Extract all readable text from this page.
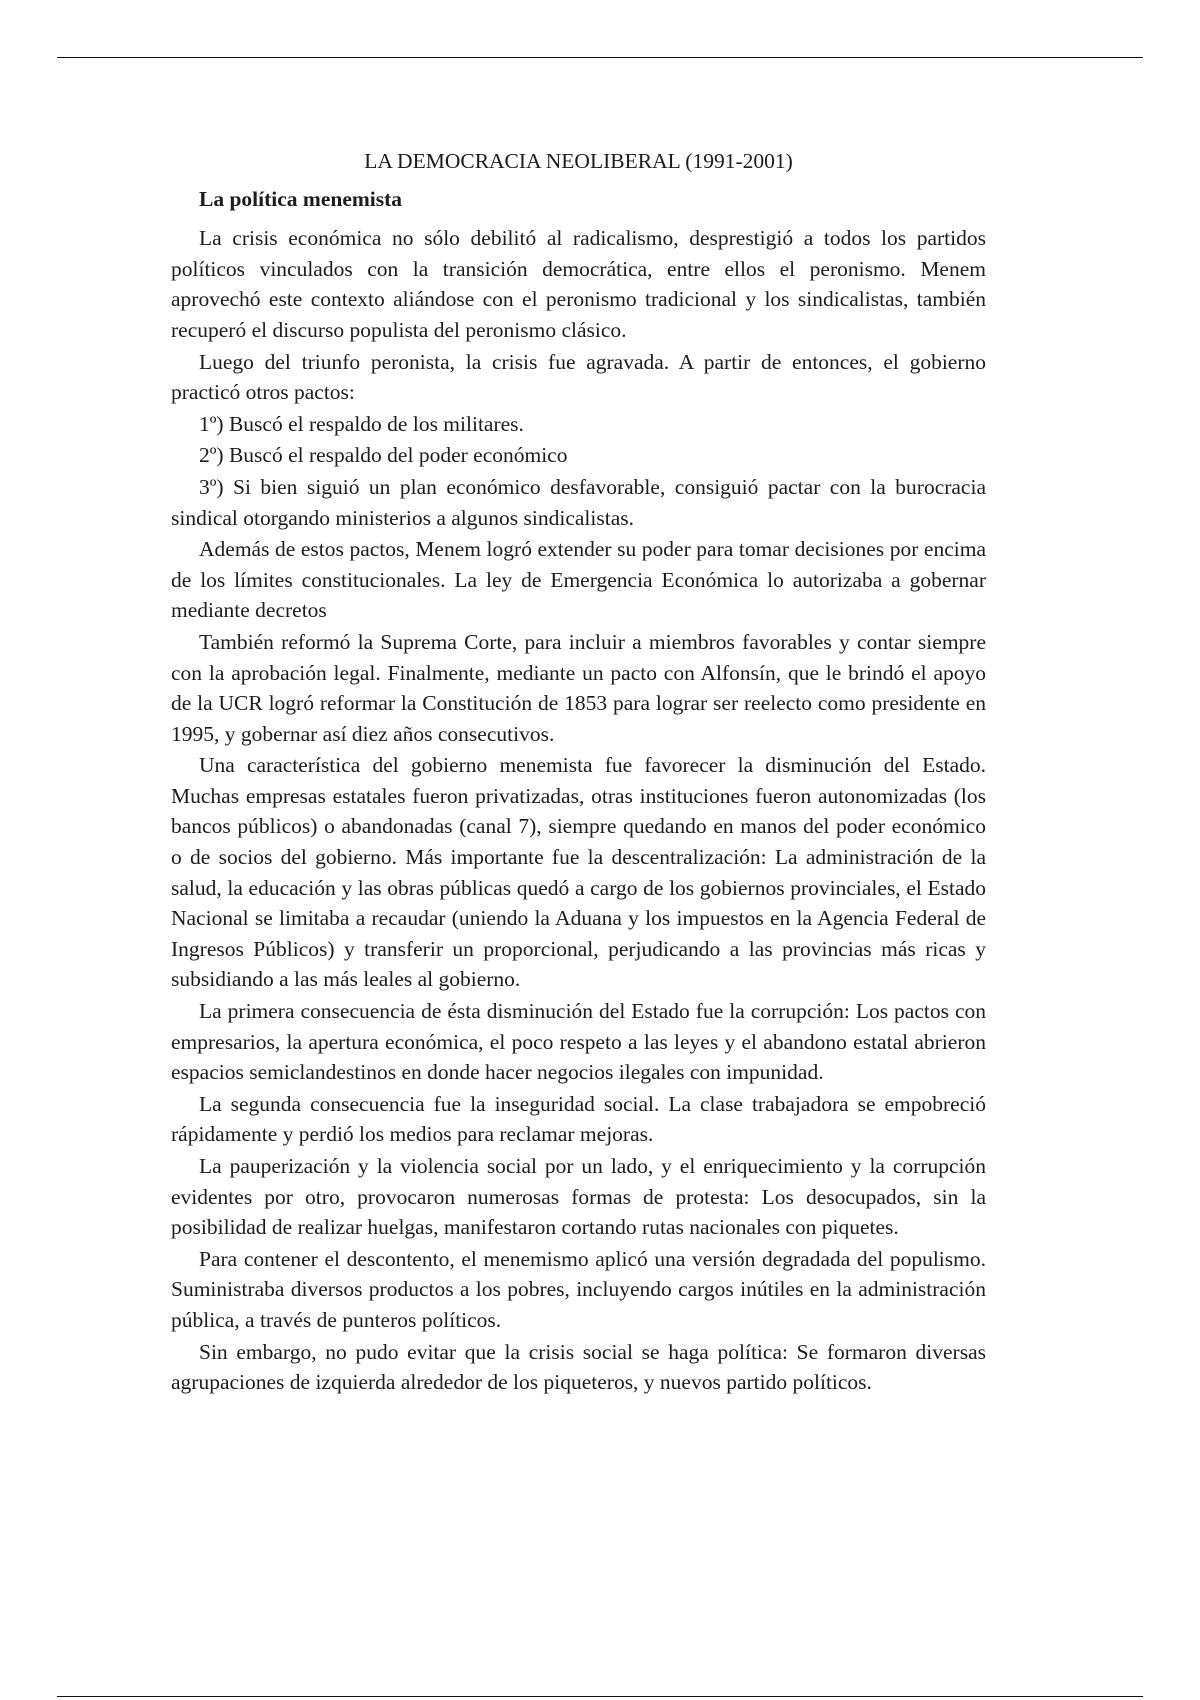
LA DEMOCRACIA NEOLIBERAL (1991-2001)
La política menemista

La crisis económica no sólo debilitó al radicalismo, desprestigió a todos los partidos políticos vinculados con la transición democrática, entre ellos el peronismo. Menem aprovechó este contexto aliándose con el peronismo tradicional y los sindicalistas, también recuperó el discurso populista del peronismo clásico.

Luego del triunfo peronista, la crisis fue agravada. A partir de entonces, el gobierno practicó otros pactos:

1º) Buscó el respaldo de los militares.

2º) Buscó el respaldo del poder económico

3º) Si bien siguió un plan económico desfavorable, consiguió pactar con la burocracia sindical otorgando ministerios a algunos sindicalistas.

Además de estos pactos, Menem logró extender su poder para tomar decisiones por encima de los límites constitucionales. La ley de Emergencia Económica lo autorizaba a gobernar mediante decretos

También reformó la Suprema Corte, para incluir a miembros favorables y contar siempre con la aprobación legal. Finalmente, mediante un pacto con Alfonsín, que le brindó el apoyo de la UCR logró reformar la Constitución de 1853 para lograr ser reelecto como presidente en 1995, y gobernar así diez años consecutivos.

Una característica del gobierno menemista fue favorecer la disminución del Estado. Muchas empresas estatales fueron privatizadas, otras instituciones fueron autonomizadas (los bancos públicos) o abandonadas (canal 7), siempre quedando en manos del poder económico o de socios del gobierno. Más importante fue la descentralización: La administración de la salud, la educación y las obras públicas quedó a cargo de los gobiernos provinciales, el Estado Nacional se limitaba a recaudar (uniendo la Aduana y los impuestos en la Agencia Federal de Ingresos Públicos) y transferir un proporcional, perjudicando a las provincias más ricas y subsidiando a las más leales al gobierno.

La primera consecuencia de ésta disminución del Estado fue la corrupción: Los pactos con empresarios, la apertura económica, el poco respeto a las leyes y el abandono estatal abrieron espacios semiclandestinos en donde hacer negocios ilegales con impunidad.

La segunda consecuencia fue la inseguridad social. La clase trabajadora se empobreció rápidamente y perdió los medios para reclamar mejoras.

La pauperización y la violencia social por un lado, y el enriquecimiento y la corrupción evidentes por otro, provocaron numerosas formas de protesta: Los desocupados, sin la posibilidad de realizar huelgas, manifestaron cortando rutas nacionales con piquetes.

Para contener el descontento, el menemismo aplicó una versión degradada del populismo. Suministraba diversos productos a los pobres, incluyendo cargos inútiles en la administración pública, a través de punteros políticos.

Sin embargo, no pudo evitar que la crisis social se haga política: Se formaron diversas agrupaciones de izquierda alrededor de los piqueteros, y nuevos partido políticos.
